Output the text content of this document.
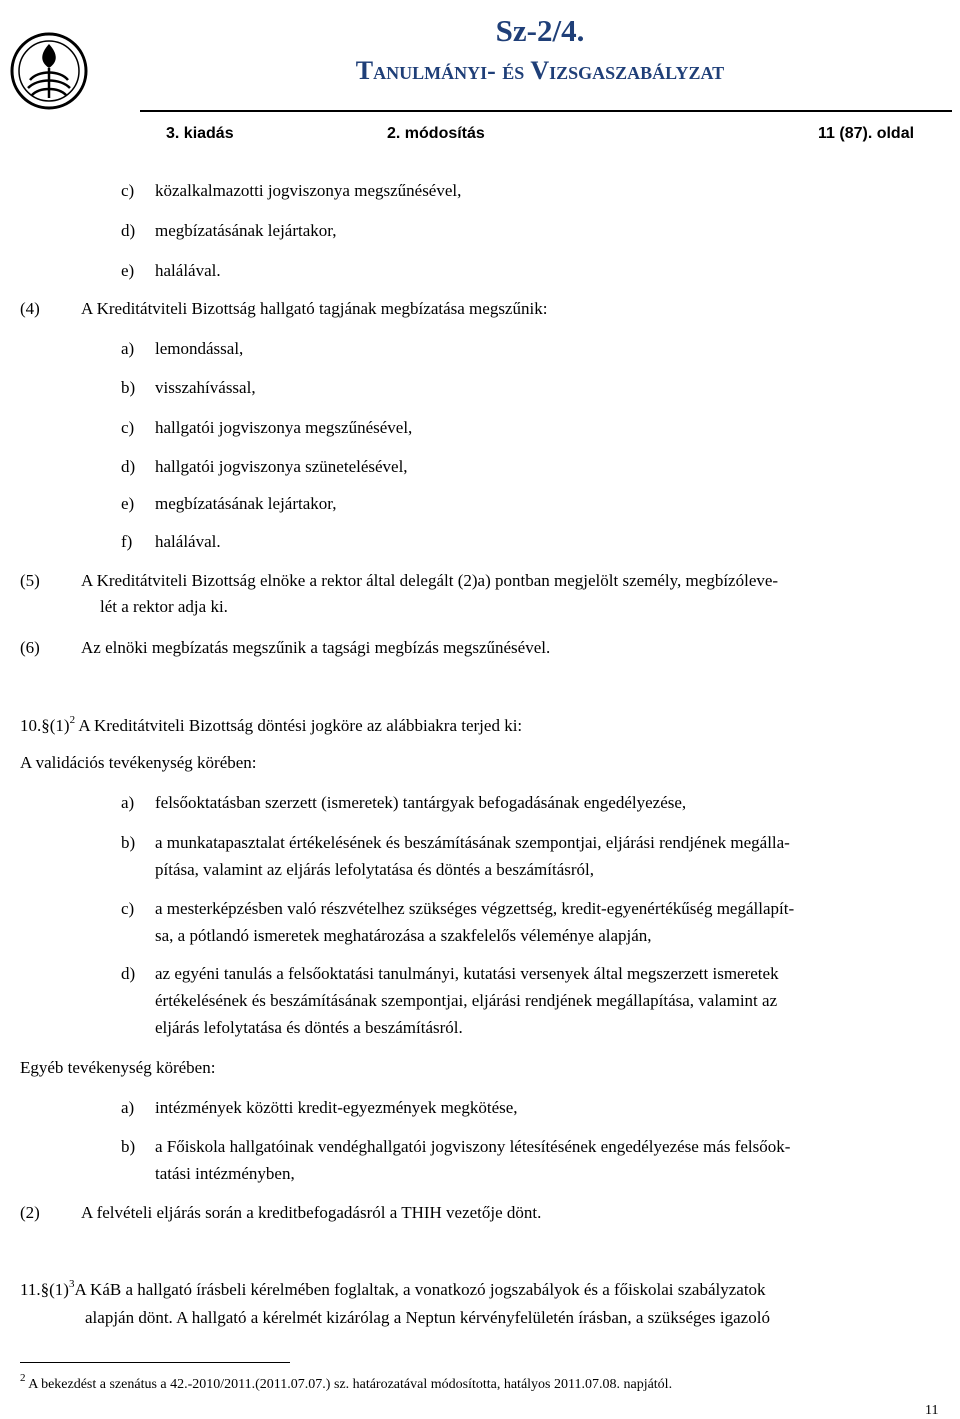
Sz-2/4.
Tanulmányi- és Vizsgaszabályzat
3. kiadás	2. módosítás	11 (87). oldal
c) közalkalmazotti jogviszonya megszűnésével,
d) megbízatásának lejártakor,
e) halálával.
(4) A Kreditátviteli Bizottság hallgató tagjának megbízatása megszűnik:
a) lemondással,
b) visszahívással,
c) hallgatói jogviszonya megszűnésével,
d) hallgatói jogviszonya szünetelésével,
e) megbízatásának lejártakor,
f) halálával.
(5) A Kreditátviteli Bizottság elnöke a rektor által delegált (2)a) pontban megjelölt személy, megbízóleve-
lét a rektor adja ki.
(6) Az elnöki megbízatás megszűnik a tagsági megbízás megszűnésével.
$10.\S(1)^2$ A Kreditátviteli Bizottság döntési jogköre az alábbiakra terjed ki:
A validációs tevékenység körében:
a) felsőoktatásban szerzett (ismeretek) tantárgyak befogadásának engedélyezése,
b) a munkatapasztalat értékelésének és beszámításának szempontjai, eljárási rendjének megálla-
pítása, valamint az eljárás lefolytatása és döntés a beszámításról,
c) a mesterképzésben való részvételhez szükséges végzettség, kredit-egyenértékűség megállapít-
sa, a pótlandó ismeretek meghatározása a szakfelelős véleménye alapján,
d) az egyéni tanulás a felsőoktatási tanulmányi, kutatási versenyek által megszerzett ismeretek
értékelésének és beszámításának szempontjai, eljárási rendjének megállapítása, valamint az
eljárás lefolytatása és döntés a beszámításról.
Egyéb tevékenység körében:
a) intézmények közötti kredit-egyezmények megkötése,
b) a Főiskola hallgatóinak vendéghallgatói jogviszony létesítésének engedélyezése más felsőok-
tatási intézményben,
(2) A felvételi eljárás során a kreditbefogadásról a THIH vezetője dönt.
$11.\S(1)^3A$ KáB a hallgató írásbeli kérelmében foglaltak, a vonatkozó jogszabályok és a főiskolai szabályzatok
alapján dönt. A hallgató a kérelmét kizárólag a Neptun kérvényfelületén írásban, a szükséges igazoló
$^2$ A bekezdést a szenátus a 42.-2010/2011.(2011.07.07.) sz. határozatával módosította, hatályos 2011.07.08. napjától.
11
